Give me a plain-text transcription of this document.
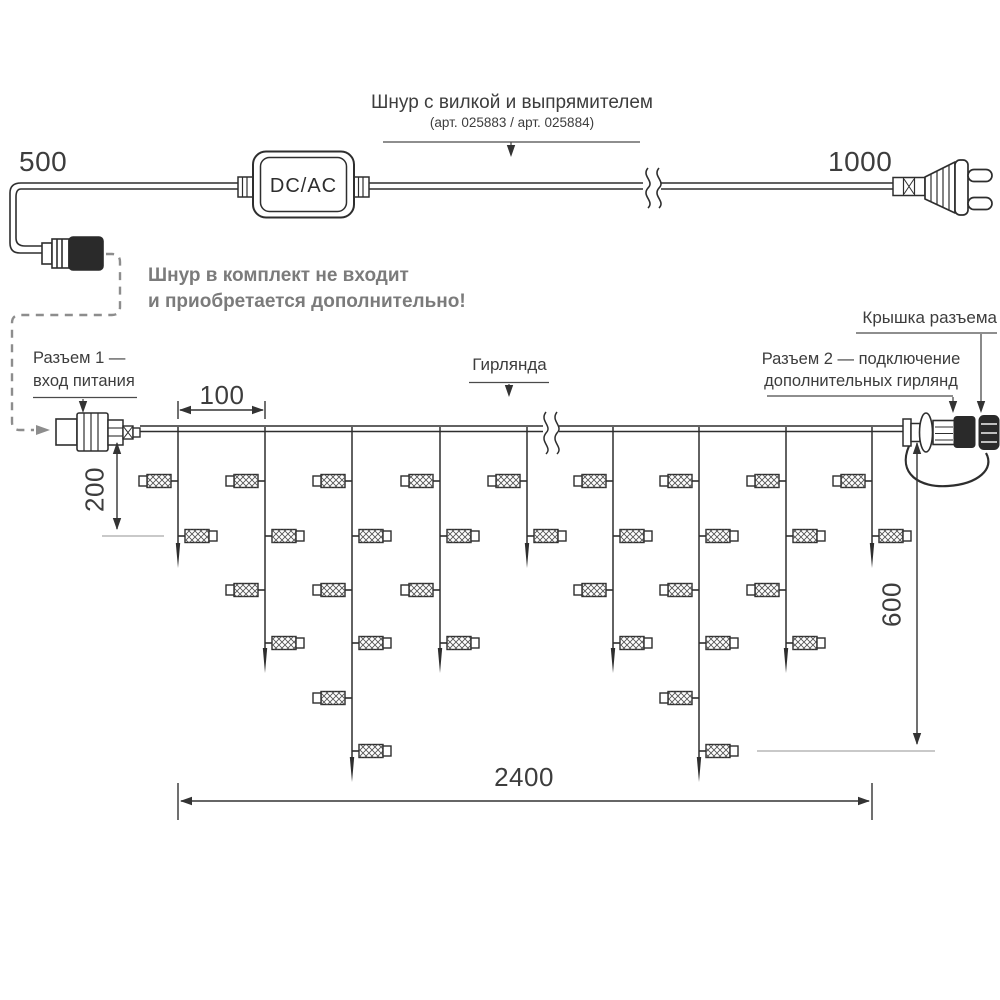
Шнур с вилкой и выпрямителем
(арт. 025883 / арт. 025884)
500	1000
DC/AC
Шнур в комплект не входит
и приобретается дополнительно!
Разъем 1 —
вход питания 100
Гирлянда
Крышка разъема
Разъем 2 — подключение
дополнительных гирлянд
200
600
2400
